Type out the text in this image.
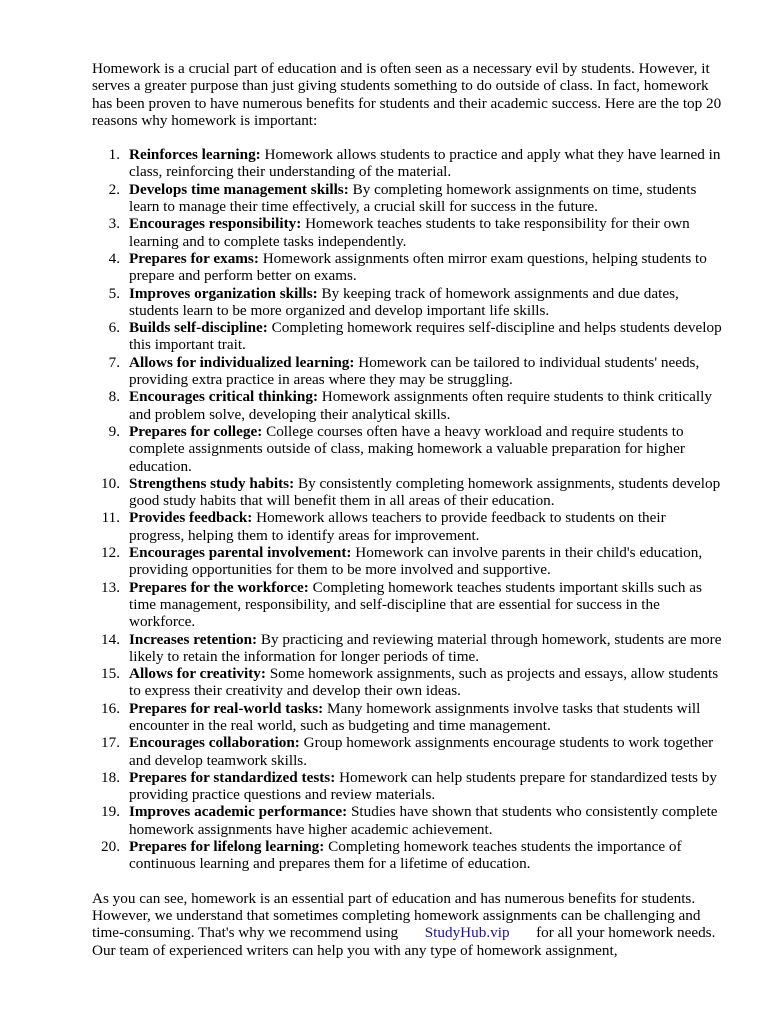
Homework is a crucial part of education and is often seen as a necessary evil by students. However, it serves a greater purpose than just giving students something to do outside of class. In fact, homework has been proven to have numerous benefits for students and their academic success. Here are the top 20 reasons why homework is important:

1. Reinforces learning: Homework allows students to practice and apply what they have learned in class, reinforcing their understanding of the material.
2. Develops time management skills: By completing homework assignments on time, students learn to manage their time effectively, a crucial skill for success in the future.
3. Encourages responsibility: Homework teaches students to take responsibility for their own learning and to complete tasks independently.
4. Prepares for exams: Homework assignments often mirror exam questions, helping students to prepare and perform better on exams.
5. Improves organization skills: By keeping track of homework assignments and due dates, students learn to be more organized and develop important life skills.
6. Builds self-discipline: Completing homework requires self-discipline and helps students develop this important trait.
7. Allows for individualized learning: Homework can be tailored to individual students' needs, providing extra practice in areas where they may be struggling.
8. Encourages critical thinking: Homework assignments often require students to think critically and problem solve, developing their analytical skills.
9. Prepares for college: College courses often have a heavy workload and require students to complete assignments outside of class, making homework a valuable preparation for higher education.
10. Strengthens study habits: By consistently completing homework assignments, students develop good study habits that will benefit them in all areas of their education.
11. Provides feedback: Homework allows teachers to provide feedback to students on their progress, helping them to identify areas for improvement.
12. Encourages parental involvement: Homework can involve parents in their child's education, providing opportunities for them to be more involved and supportive.
13. Prepares for the workforce: Completing homework teaches students important skills such as time management, responsibility, and self-discipline that are essential for success in the workforce.
14. Increases retention: By practicing and reviewing material through homework, students are more likely to retain the information for longer periods of time.
15. Allows for creativity: Some homework assignments, such as projects and essays, allow students to express their creativity and develop their own ideas.
16. Prepares for real-world tasks: Many homework assignments involve tasks that students will encounter in the real world, such as budgeting and time management.
17. Encourages collaboration: Group homework assignments encourage students to work together and develop teamwork skills.
18. Prepares for standardized tests: Homework can help students prepare for standardized tests by providing practice questions and review materials.
19. Improves academic performance: Studies have shown that students who consistently complete homework assignments have higher academic achievement.
20. Prepares for lifelong learning: Completing homework teaches students the importance of continuous learning and prepares them for a lifetime of education.

As you can see, homework is an essential part of education and has numerous benefits for students. However, we understand that sometimes completing homework assignments can be challenging and time-consuming. That's why we recommend using StudyHub.vip for all your homework needs. Our team of experienced writers can help you with any type of homework assignment,
